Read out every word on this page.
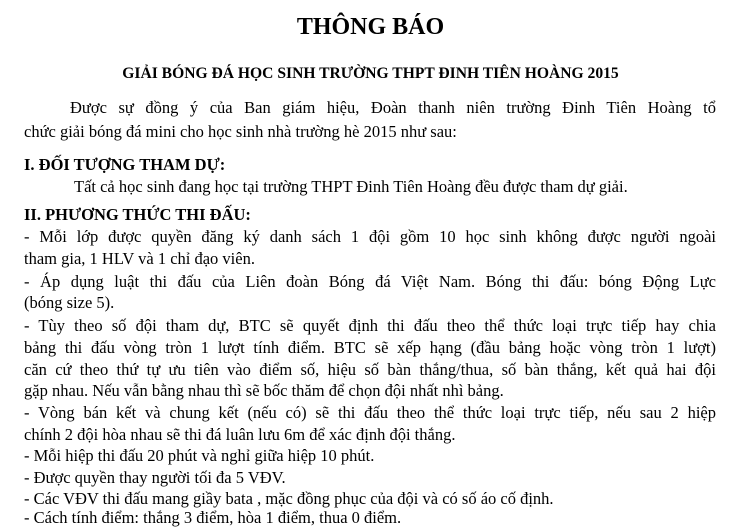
THÔNG BÁO
GIẢI BÓNG ĐÁ HỌC SINH TRƯỜNG THPT ĐINH TIÊN HOÀNG 2015

Được sự đồng ý của Ban giám hiệu, Đoàn thanh niên trường Đinh Tiên Hoàng tổ

chức giải bóng đá mini cho học sinh nhà trường hè 2015 như sau:

I. ĐỐI TƯỢNG THAM DỰ:

Tất cả học sinh đang học tại trường THPT Đinh Tiên Hoàng đều được tham dự giải.

II. PHƯƠNG THỨC THI ĐẤU:

- Mỗi lớp được quyền đăng ký danh sách 1 đội gồm 10 học sinh không được người ngoài

tham gia, 1 HLV và 1 chỉ đạo viên.

- Áp dụng luật thi đấu của Liên đoàn Bóng đá Việt Nam. Bóng thi đấu: bóng Động Lực

(bóng size 5).

- Tùy theo số đội tham dự, BTC sẽ quyết định thi đấu theo thể thức loại trực tiếp hay chia

bảng thi đấu vòng tròn 1 lượt tính điểm. BTC sẽ xếp hạng (đầu bảng hoặc vòng tròn 1 lượt)

căn cứ theo thứ tự ưu tiên vào điểm số, hiệu số bàn thắng/thua, số bàn thắng, kết quả hai đội

gặp nhau. Nếu vẫn bằng nhau thì sẽ bốc thăm để chọn đội nhất nhì bảng.

- Vòng bán kết và chung kết (nếu có) sẽ thi đấu theo thể thức loại trực tiếp, nếu sau 2 hiệp

chính 2 đội hòa nhau sẽ thi đá luân lưu 6m để xác định đội thắng.

- Mỗi hiệp thi đấu 20 phút và nghỉ giữa hiệp 10 phút.

- Được quyền thay người tối đa 5 VĐV.

- Các VĐV thi đấu mang giầy bata , mặc đồng phục của đội và có số áo cố định.

- Cách tính điểm: thắng 3 điểm, hòa 1 điểm, thua 0 điểm.
